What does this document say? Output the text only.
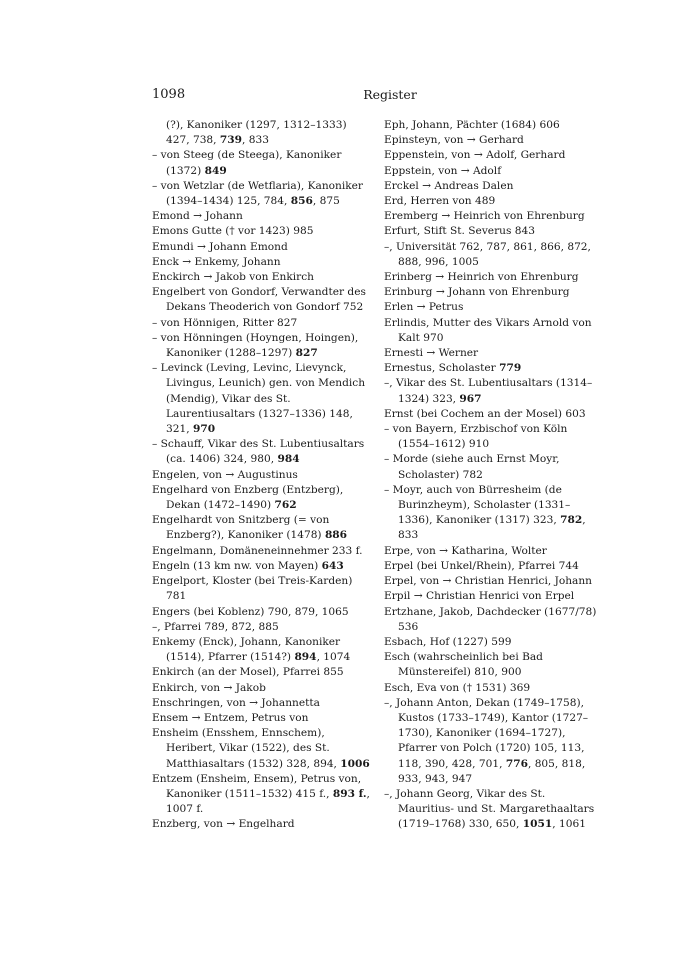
1098	Register

(?), Kanoniker (1297, 1312–1333) 427, 738, 739, 833

– von Steeg (de Steega), Kanoniker (1372) 849

– von Wetzlar (de Wetflaria), Kanoniker (1394–1434) 125, 784, 856, 875

Emond → Johann

Emons Gutte († vor 1423) 985

Emundi → Johann Emond

Enck → Enkemy, Johann

Enckirch → Jakob von Enkirch

Engelbert von Gondorf, Verwandter des Dekans Theoderich von Gondorf 752

– von Hönnigen, Ritter 827

– von Hönningen (Hoyngen, Hoingen), Kanoniker (1288–1297) 827

– Levinck (Leving, Levinc, Lievynck, Livingus, Leunich) gen. von Mendich (Mendig), Vikar des St. Laurentiusaltars (1327–1336) 148, 321, 970

– Schauff, Vikar des St. Lubentiusaltars (ca. 1406) 324, 980, 984

Engelen, von → Augustinus

Engelhard von Enzberg (Entzberg), Dekan (1472–1490) 762

Engelhardt von Snitzberg (= von Enzberg?), Kanoniker (1478) 886

Engelmann, Domäneneinnehmer 233 f.

Engeln (13 km nw. von Mayen) 643

Engelport, Kloster (bei Treis-Karden) 781

Engers (bei Koblenz) 790, 879, 1065

–, Pfarrei 789, 872, 885

Enkemy (Enck), Johann, Kanoniker (1514), Pfarrer (1514?) 894, 1074

Enkirch (an der Mosel), Pfarrei 855

Enkirch, von → Jakob

Enschringen, von → Johannetta

Ensem → Entzem, Petrus von

Ensheim (Ensshem, Ennschem), Heribert, Vikar (1522), des St. Matthiasaltars (1532) 328, 894, 1006

Entzem (Ensheim, Ensem), Petrus von, Kanoniker (1511–1532) 415 f., 893 f., 1007 f.

Enzberg, von → Engelhard

Eph, Johann, Pächter (1684) 606

Epinsteyn, von → Gerhard

Eppenstein, von → Adolf, Gerhard

Eppstein, von → Adolf

Erckel → Andreas Dalen

Erd, Herren von 489

Eremberg → Heinrich von Ehrenburg

Erfurt, Stift St. Severus 843

–, Universität 762, 787, 861, 866, 872, 888, 996, 1005

Erinberg → Heinrich von Ehrenburg

Erinburg → Johann von Ehrenburg

Erlen → Petrus

Erlindis, Mutter des Vikars Arnold von Kalt 970

Ernesti → Werner

Ernestus, Scholaster 779

–, Vikar des St. Lubentiusaltars (1314–1324) 323, 967

Ernst (bei Cochem an der Mosel) 603

– von Bayern, Erzbischof von Köln (1554–1612) 910

– Morde (siehe auch Ernst Moyr, Scholaster) 782

– Moyr, auch von Bürresheim (de Burinzheym), Scholaster (1331–1336), Kanoniker (1317) 323, 782, 833

Erpe, von → Katharina, Wolter

Erpel (bei Unkel/Rhein), Pfarrei 744

Erpel, von → Christian Henrici, Johann

Erpil → Christian Henrici von Erpel

Ertzhane, Jakob, Dachdecker (1677/78) 536

Esbach, Hof (1227) 599

Esch (wahrscheinlich bei Bad Münstereifel) 810, 900

Esch, Eva von († 1531) 369

–, Johann Anton, Dekan (1749–1758), Kustos (1733–1749), Kantor (1727–1730), Kanoniker (1694–1727), Pfarrer von Polch (1720) 105, 113, 118, 390, 428, 701, 776, 805, 818, 933, 943, 947

–, Johann Georg, Vikar des St. Mauritius- und St. Margarethaaltars (1719–1768) 330, 650, 1051, 1061
